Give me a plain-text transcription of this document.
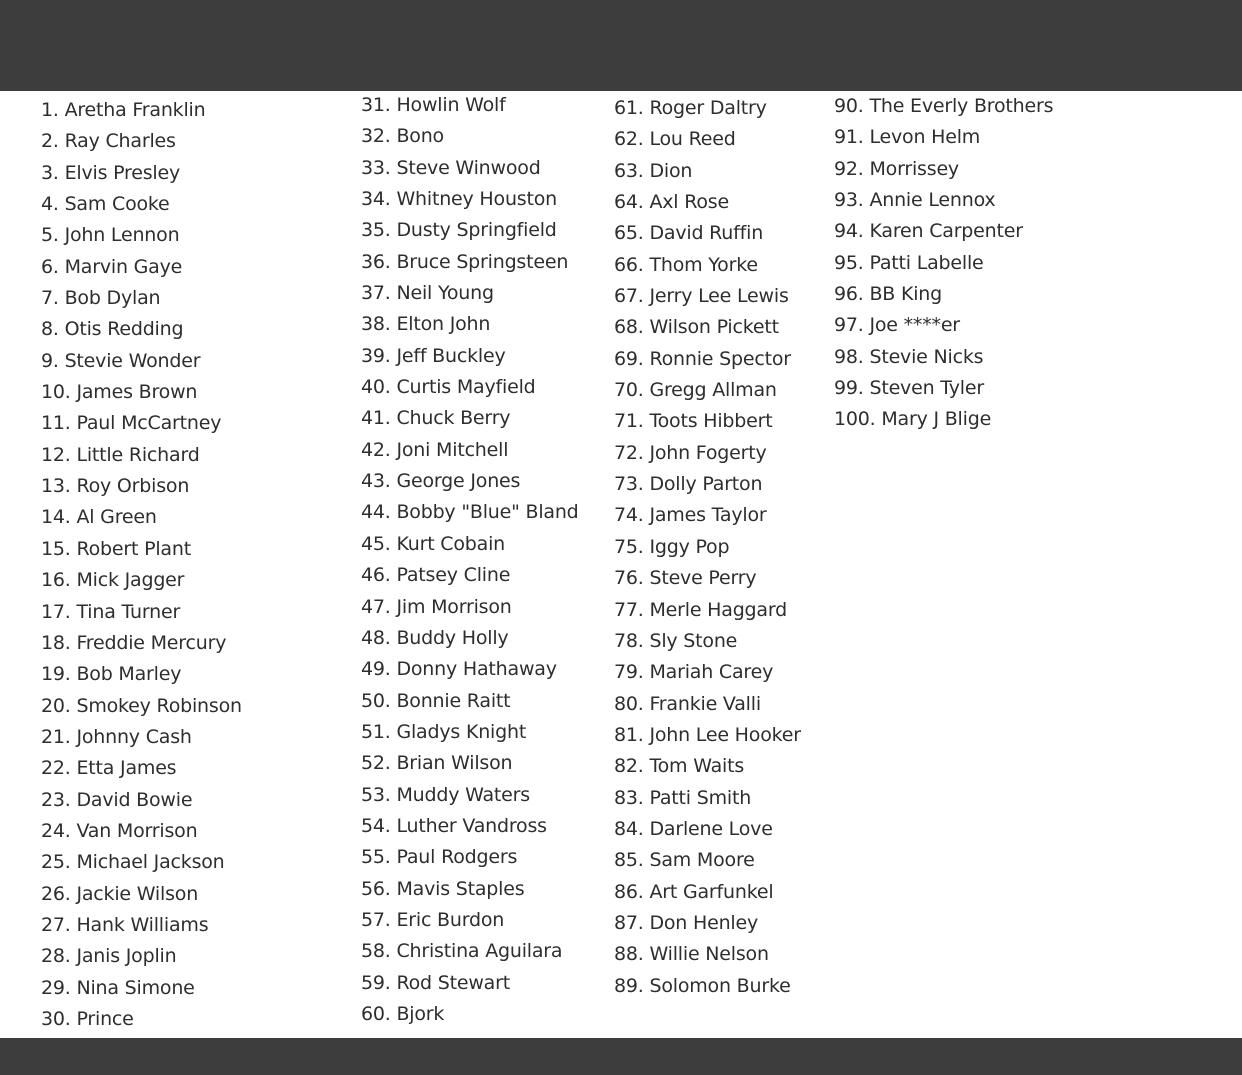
1. Aretha Franklin
2. Ray Charles
3. Elvis Presley
4. Sam Cooke
5. John Lennon
6. Marvin Gaye
7. Bob Dylan
8. Otis Redding
9. Stevie Wonder
10. James Brown
11. Paul McCartney
12. Little Richard
13. Roy Orbison
14. Al Green
15. Robert Plant
16. Mick Jagger
17. Tina Turner
18. Freddie Mercury
19. Bob Marley
20. Smokey Robinson
21. Johnny Cash
22. Etta James
23. David Bowie
24. Van Morrison
25. Michael Jackson
26. Jackie Wilson
27. Hank Williams
28. Janis Joplin
29. Nina Simone
30. Prince
31. Howlin Wolf
32. Bono
33. Steve Winwood
34. Whitney Houston
35. Dusty Springfield
36. Bruce Springsteen
37. Neil Young
38. Elton John
39. Jeff Buckley
40. Curtis Mayfield
41. Chuck Berry
42. Joni Mitchell
43. George Jones
44. Bobby "Blue" Bland
45. Kurt Cobain
46. Patsey Cline
47. Jim Morrison
48. Buddy Holly
49. Donny Hathaway
50. Bonnie Raitt
51. Gladys Knight
52. Brian Wilson
53. Muddy Waters
54. Luther Vandross
55. Paul Rodgers
56. Mavis Staples
57. Eric Burdon
58. Christina Aguilara
59. Rod Stewart
60. Bjork
61. Roger Daltry
62. Lou Reed
63. Dion
64. Axl Rose
65. David Ruffin
66. Thom Yorke
67. Jerry Lee Lewis
68. Wilson Pickett
69. Ronnie Spector
70. Gregg Allman
71. Toots Hibbert
72. John Fogerty
73. Dolly Parton
74. James Taylor
75. Iggy Pop
76. Steve Perry
77. Merle Haggard
78. Sly Stone
79. Mariah Carey
80. Frankie Valli
81. John Lee Hooker
82. Tom Waits
83. Patti Smith
84. Darlene Love
85. Sam Moore
86. Art Garfunkel
87. Don Henley
88. Willie Nelson
89. Solomon Burke
90. The Everly Brothers
91. Levon Helm
92. Morrissey
93. Annie Lennox
94. Karen Carpenter
95. Patti Labelle
96. BB King
97. Joe ****er
98. Stevie Nicks
99. Steven Tyler
100. Mary J Blige
